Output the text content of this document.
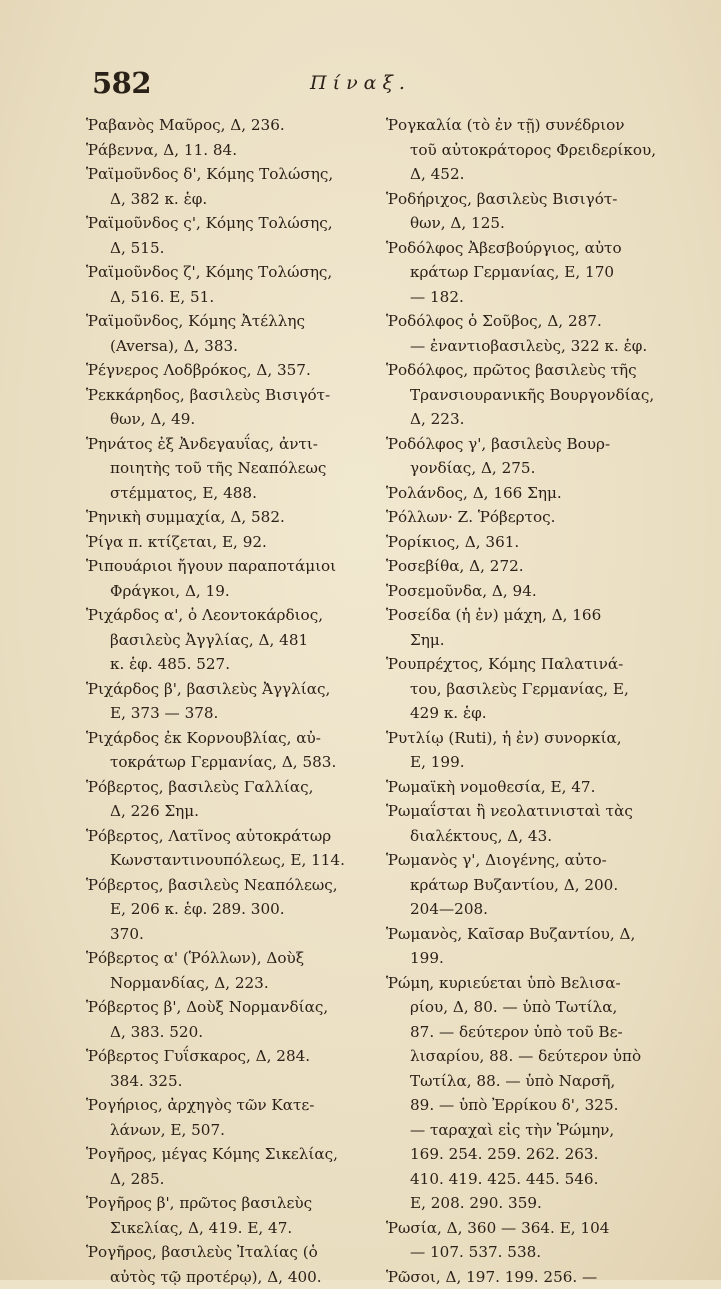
582	Πίναξ.
Ῥαβανὸς Μαῦρος, Δ, 236.
Ῥάβεννα, Δ, 11. 84.
Ῥαϊμοῦνδος δ', Κόμης Τολώσης,
Δ, 382 κ. ἑφ.
Ῥαϊμοῦνδος ς', Κόμης Τολώσης,
Δ, 515.
Ῥαϊμοῦνδος ζ', Κόμης Τολώσης,
Δ, 516. Ε, 51.
Ῥαϊμοῦνδος, Κόμης Ἀτέλλης
(Aversa), Δ, 383.
Ῥέγνερος Λοδβρόκος, Δ, 357.
Ῥεκκάρηδος, βασιλεὺς Βισιγότ-
θων, Δ, 49.
Ῥηνάτος ἐξ Ἀνδεγαυΐας, ἀντι-
ποιητὴς τοῦ τῆς Νεαπόλεως
στέμματος, Ε, 488.
Ῥηνικὴ συμμαχία, Δ, 582.
Ῥίγα π. κτίζεται, Ε, 92.
Ῥιπουάριοι ἤγουν παραποτάμιοι
Φράγκοι, Δ, 19.
Ῥιχάρδος α', ὁ Λεοντοκάρδιος,
βασιλεὺς Ἀγγλίας, Δ, 481
κ. ἑφ. 485. 527.
Ῥιχάρδος β', βασιλεὺς Ἀγγλίας,
Ε, 373 — 378.
Ῥιχάρδος ἐκ Κορνουβλίας, αὐ-
τοκράτωρ Γερμανίας, Δ, 583.
Ῥόβερτος, βασιλεὺς Γαλλίας,
Δ, 226 Σημ.
Ῥόβερτος, Λατῖνος αὐτοκράτωρ
Κωνσταντινουπόλεως, Ε, 114.
Ῥόβερτος, βασιλεὺς Νεαπόλεως,
Ε, 206 κ. ἑφ. 289. 300.
370.
Ῥόβερτος α' (Ῥόλλων), Δοὺξ
Νορμανδίας, Δ, 223.
Ῥόβερτος β', Δοὺξ Νορμανδίας,
Δ, 383. 520.
Ῥόβερτος Γυΐσκαρος, Δ, 284.
384. 325.
Ῥογήριος, ἀρχηγὸς τῶν Κατε-
λάνων, Ε, 507.
Ῥογῆρος, μέγας Κόμης Σικελίας,
Δ, 285.
Ῥογῆρος β', πρῶτος βασιλεὺς
Σικελίας, Δ, 419. Ε, 47.
Ῥογῆρος, βασιλεὺς Ἰταλίας (ὁ
αὐτὸς τῷ προτέρῳ), Δ, 400.
Ῥογκαλία (τὸ ἐν τῇ) συνέδριον
τοῦ αὐτοκράτορος Φρειδερίκου,
Δ, 452.
Ῥοδήριχος, βασιλεὺς Βισιγότ-
θων, Δ, 125.
Ῥοδόλφος Ἀβεσβούργιος, αὐτο
κράτωρ Γερμανίας, Ε, 170
— 182.
Ῥοδόλφος ὁ Σοῦβος, Δ, 287.
— ἐναντιοβασιλεὺς, 322 κ. ἑφ.
Ῥοδόλφος, πρῶτος βασιλεὺς τῆς
Τρανσιουρανικῆς Βουργονδίας,
Δ, 223.
Ῥοδόλφος γ', βασιλεὺς Βουρ-
γονδίας, Δ, 275.
Ῥολάνδος, Δ, 166 Σημ.
Ῥόλλων· Ζ. Ῥόβερτος.
Ῥορίκιος, Δ, 361.
Ῥοσεβίθα, Δ, 272.
Ῥοσεμοῦνδα, Δ, 94.
Ῥοσείδα (ἡ ἐν) μάχη, Δ, 166
Σημ.
Ῥουπρέχτος, Κόμης Παλατινά-
του, βασιλεὺς Γερμανίας, Ε,
429 κ. ἑφ.
Ῥυτλίῳ (Ruti), ἡ ἐν) συνορκία,
Ε, 199.
Ῥωμαϊκὴ νομοθεσία, Ε, 47.
Ῥωμαΐσται ἢ νεολατινισταὶ τὰς
διαλέκτους, Δ, 43.
Ῥωμανὸς γ', Διογένης, αὐτο-
κράτωρ Βυζαντίου, Δ, 200.
204—208.
Ῥωμανὸς, Καῖσαρ Βυζαντίου, Δ,
199.
Ῥώμη, κυριεύεται ὑπὸ Βελισα-
ρίου, Δ, 80. — ὑπὸ Τωτίλα,
87. — δεύτερον ὑπὸ τοῦ Βε-
λισαρίου, 88. — δεύτερον ὑπὸ
Τωτίλα, 88. — ὑπὸ Ναρσῆ,
89. — ὑπὸ Ἐρρίκου δ', 325.
— ταραχαὶ εἰς τὴν Ῥώμην,
169. 254. 259. 262. 263.
410. 419. 425. 445. 546.
Ε, 208. 290. 359.
Ῥωσία, Δ, 360 — 364. Ε, 104
— 107. 537. 538.
Ῥῶσοι, Δ, 197. 199. 256. —
